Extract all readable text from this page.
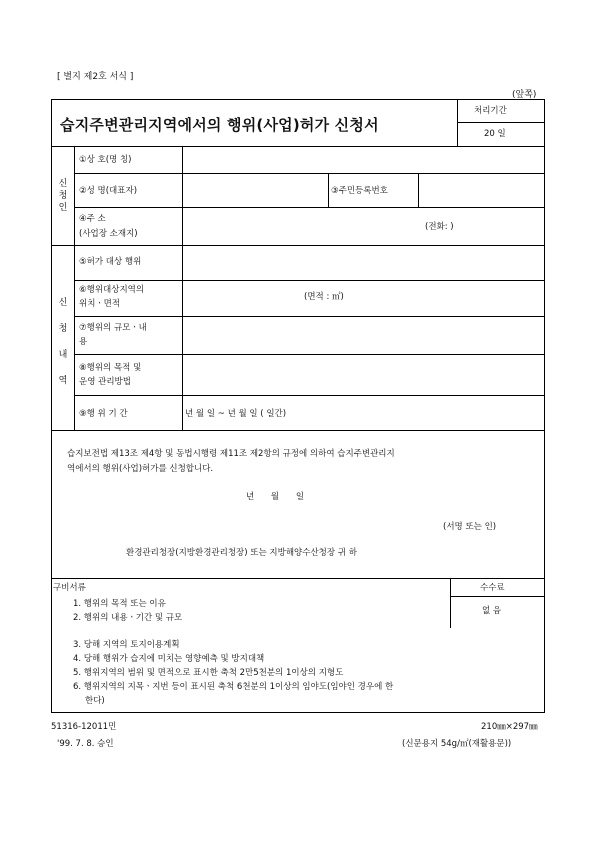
[ 별지 제2호 서식 ]
(앞쪽)
습지주변관리지역에서의 행위(사업)허가 신청서
처리기간
20 일
신
청
인
①상 호(명 칭)
②성 명(대표자)	③주민등록번호
④주 소
(사업장 소재지)
(전화: )
신
청
내
역
⑤허가 대상 행위
⑥행위대상지역의
위치ㆍ면적
(면적 : ㎡)
⑦행위의 규모ㆍ내
용
⑧행위의 목적 및
운영 관리방법
⑨행 위 기 간	년 월 일 ~ 년 월 일 ( 일간)
습지보전법 제13조 제4항 및 동법시행령 제11조 제2항의 규정에 의하여 습지주변관리지
역에서의 행위(사업)허가를 신청합니다.
년 월 일
(서명 또는 인)
환경관리청장(지방환경관리청장) 또는 지방해양수산청장 귀 하
구비서류	수수료
없 음
1. 행위의 목적 또는 이유
2. 행위의 내용ㆍ기간 및 규모
3. 당해 지역의 토지이용계획
4. 당해 행위가 습지에 미치는 영향예측 및 방지대책
5. 행위지역의 범위 및 면적으로 표시한 축척 2만5천분의 1이상의 지형도
6. 행위지역의 지목ㆍ지번 등이 표시된 축척 6천분의 1이상의 임야도(임야인 경우에 한
한다)
51316-12011민
'99. 7. 8. 승인
210㎜×297㎜
(신문용지 54g/㎡(재활용문))
